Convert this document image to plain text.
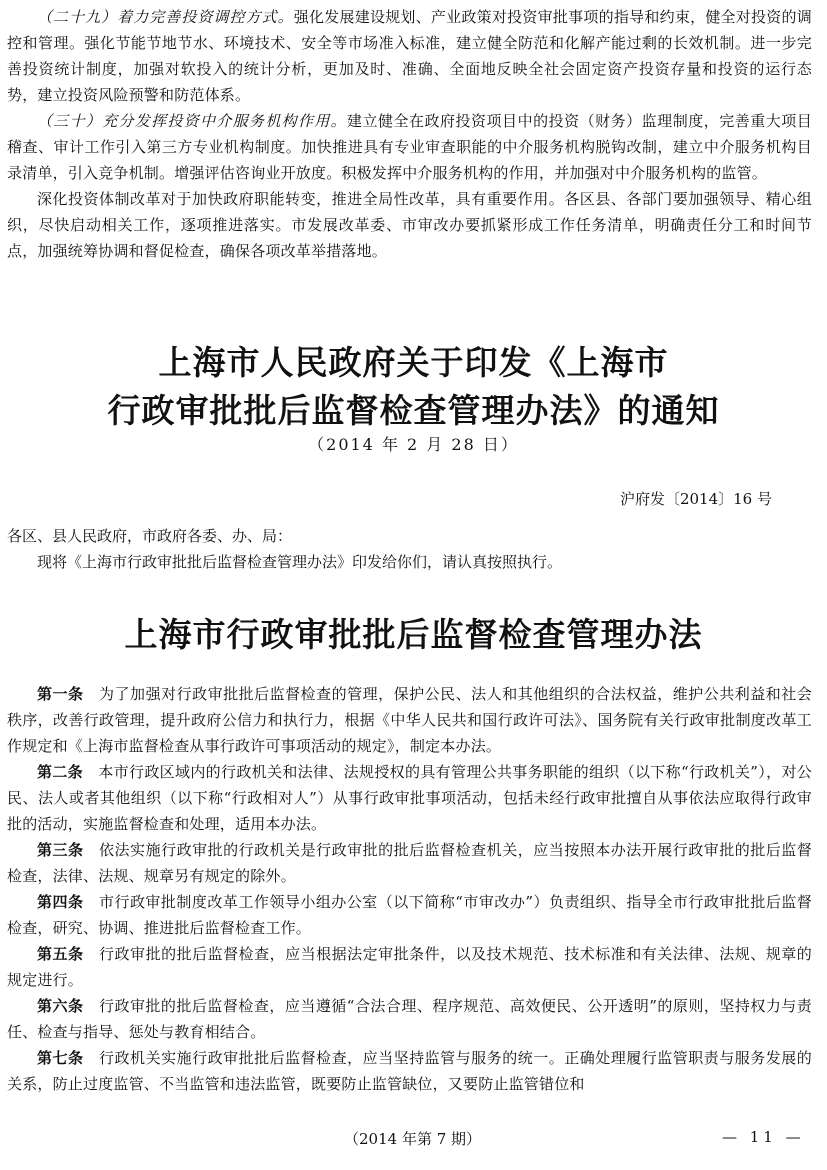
（二十九）着力完善投资调控方式。强化发展建设规划、产业政策对投资审批事项的指导和约束，健全对投资的调控和管理。强化节能节地节水、环境技术、安全等市场准入标准，建立健全防范和化解产能过剩的长效机制。进一步完善投资统计制度，加强对软投入的统计分析，更加及时、准确、全面地反映全社会固定资产投资存量和投资的运行态势，建立投资风险预警和防范体系。

（三十）充分发挥投资中介服务机构作用。建立健全在政府投资项目中的投资（财务）监理制度，完善重大项目稽查、审计工作引入第三方专业机构制度。加快推进具有专业审查职能的中介服务机构脱钩改制，建立中介服务机构目录清单，引入竞争机制。增强评估咨询业开放度。积极发挥中介服务机构的作用，并加强对中介服务机构的监管。

深化投资体制改革对于加快政府职能转变，推进全局性改革，具有重要作用。各区县、各部门要加强领导、精心组织，尽快启动相关工作，逐项推进落实。市发展改革委、市审改办要抓紧形成工作任务清单，明确责任分工和时间节点，加强统筹协调和督促检查，确保各项改革举措落地。

上海市人民政府关于印发《上海市
行政审批批后监督检查管理办法》的通知
（2014 年 2 月 28 日）
沪府发〔2014〕16 号
各区、县人民政府，市政府各委、办、局：
现将《上海市行政审批批后监督检查管理办法》印发给你们，请认真按照执行。
上海市行政审批批后监督检查管理办法

第一条　 为了加强对行政审批批后监督检查的管理，保护公民、法人和其他组织的合法权益，维护公共利益和社会秩序，改善行政管理，提升政府公信力和执行力，根据《中华人民共和国行政许可法》、国务院有关行政审批制度改革工作规定和《上海市监督检查从事行政许可事项活动的规定》，制定本办法。

第二条　 本市行政区域内的行政机关和法律、法规授权的具有管理公共事务职能的组织（以下称“行政机关”），对公民、法人或者其他组织（以下称“行政相对人”）从事行政审批事项活动，包括未经行政审批擅自从事依法应取得行政审批的活动，实施监督检查和处理，适用本办法。

第三条　 依法实施行政审批的行政机关是行政审批的批后监督检查机关，应当按照本办法开展行政审批的批后监督检查，法律、法规、规章另有规定的除外。

第四条　 市行政审批制度改革工作领导小组办公室（以下简称“市审改办”）负责组织、指导全市行政审批批后监督检查，研究、协调、推进批后监督检查工作。

第五条　 行政审批的批后监督检查，应当根据法定审批条件，以及技术规范、技术标准和有关法律、法规、规章的规定进行。

第六条　 行政审批的批后监督检查，应当遵循“合法合理、程序规范、高效便民、公开透明”的原则，坚持权力与责任、检查与指导、惩处与教育相结合。

第七条　 行政机关实施行政审批批后监督检查，应当坚持监管与服务的统一。正确处理履行监管职责与服务发展的关系，防止过度监管、不当监管和违法监管，既要防止监管缺位，又要防止监管错位和

（2014 年第 7 期）	— 11 —
